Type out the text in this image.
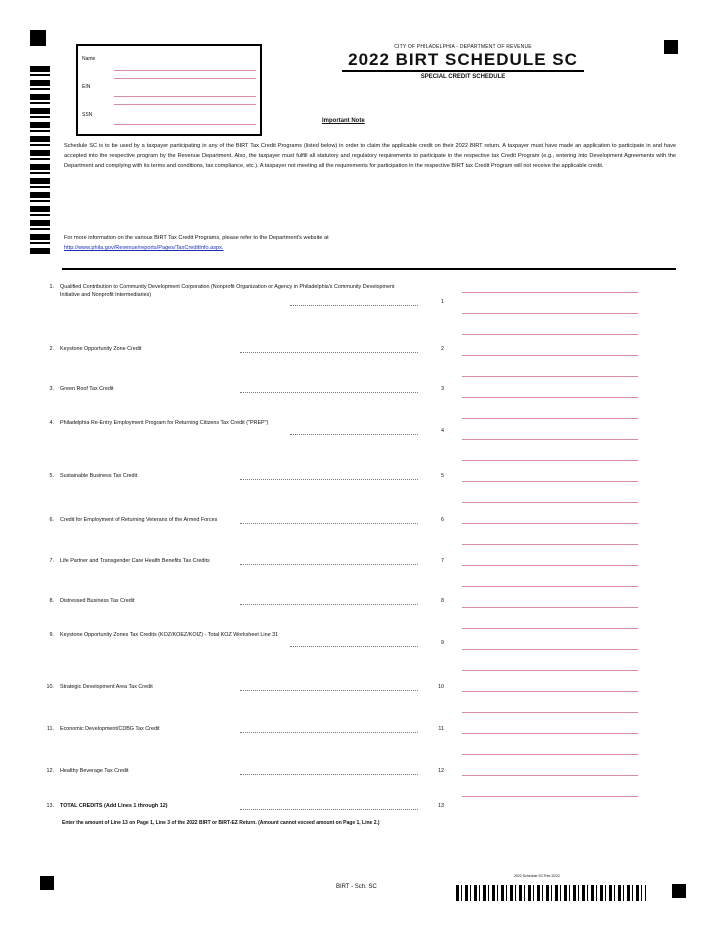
Name
EIN
SSN
CITY OF PHILADELPHIA - DEPARTMENT OF REVENUE
2022 BIRT SCHEDULE SC
SPECIAL CREDIT SCHEDULE
Important Note
Schedule SC is to be used by a taxpayer participating in any of the BIRT Tax Credit Programs (listed below) in order to claim the applicable credit on their 2022 BIRT return. A taxpayer must have made an application to participate in and have accepted into the respective program by the Revenue Department. Also, the taxpayer must fulfill all statutory and regulatory requirements to participate in the respective tax Credit Program (e.g., entering into Development Agreements with the Department and complying with its terms and conditions, tax compliance, etc.). A taxpayer not meeting all the requirements for participation in the respective BIRT tax Credit Program will not receive the applicable credit.
For more information on the various BIRT Tax Credit Programs, please refer to the Department's website at
http://www.phila.gov/Revenue/reports/Pages/TaxCreditInfo.aspx.
1. Qualified Contribution to Community Development Corporation (Nonprofit Organization or Agency in Philadelphia's Community Development Initiative and Nonprofit Intermediaries)
1
2. Keystone Opportunity Zone Credit	2
3. Green Roof Tax Credit	3
4. Philadelphia Re-Entry Employment Program for Returning Citizens Tax Credit ("PREP")
4
5. Sustainable Business Tax Credit	5
6. Credit for Employment of Returning Veterans of the Armed Forces	6
7. Life Partner and Transgender Care Health Benefits Tax Credits	7
8. Distressed Business Tax Credit	8
9. Keystone Opportunity Zones Tax Credits (KOZ/KOEZ/KOIZ) - Total KOZ Worksheet Line 31
9
10. Strategic Development Area Tax Credit	10
11. Economic Development/CDBG Tax Credit	11
12. Healthy Beverage Tax Credit	12
13. TOTAL CREDITS (Add Lines 1 through 12)	13
Enter the amount of Line 13 on Page 1, Line 3 of the 2022 BIRT or BIRT-EZ Return. (Amount cannot exceed amount on Page 1, Line 2.)
BIRT - Sch. SC
2022 Schedule SC Rev.10/22
